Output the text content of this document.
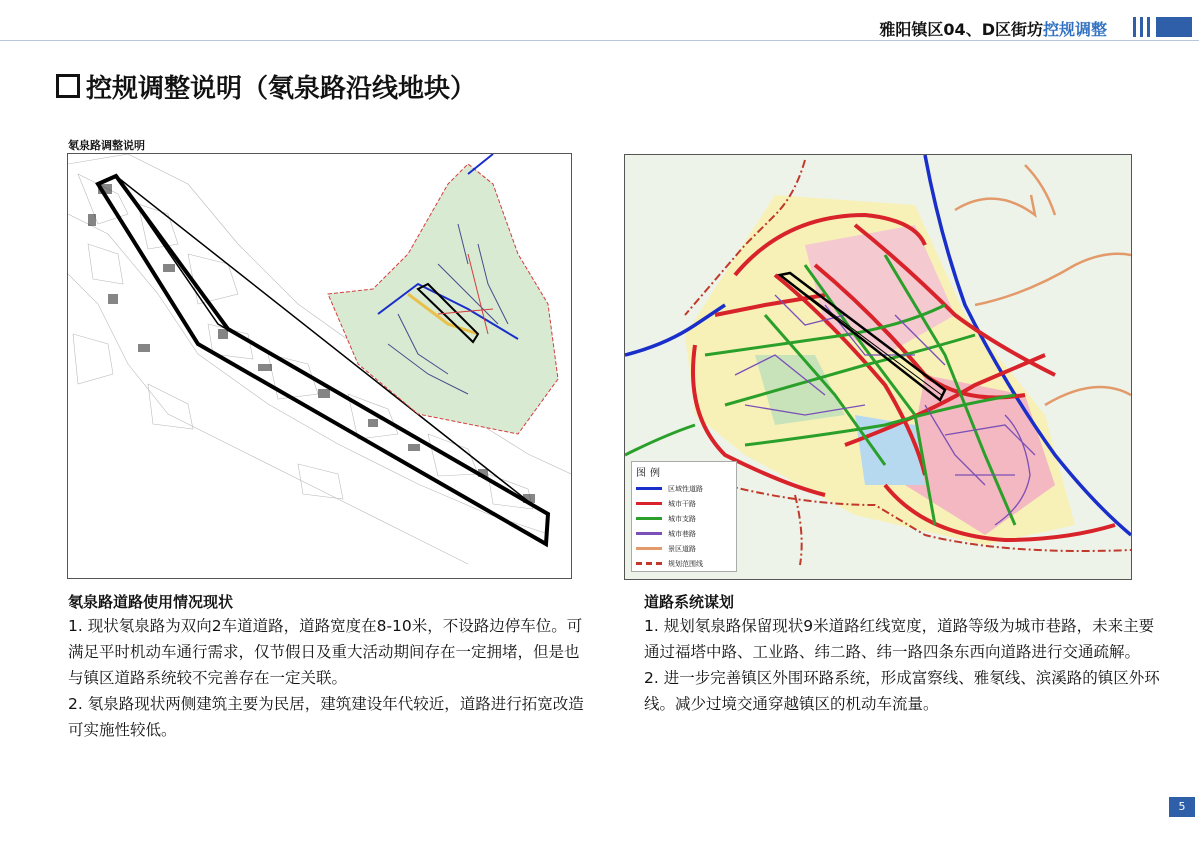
雅阳镇区04、D区街坊控规调整
控规调整说明（氡泉路沿线地块）
氡泉路调整说明
图例
区域性道路
城市干路
城市支路
城市巷路
景区道路
规划范围线
氡泉路道路使用情况现状

1. 现状氡泉路为双向2车道道路，道路宽度在8-10米，不设路边停车位。可满足平时机动车通行需求，仅节假日及重大活动期间存在一定拥堵，但是也与镇区道路系统较不完善存在一定关联。

2. 氡泉路现状两侧建筑主要为民居，建筑建设年代较近，道路进行拓宽改造可实施性较低。

道路系统谋划

1. 规划氡泉路保留现状9米道路红线宽度，道路等级为城市巷路，未来主要通过福塔中路、工业路、纬二路、纬一路四条东西向道路进行交通疏解。

2. 进一步完善镇区外围环路系统，形成富察线、雅氡线、滨溪路的镇区外环线。减少过境交通穿越镇区的机动车流量。

5
